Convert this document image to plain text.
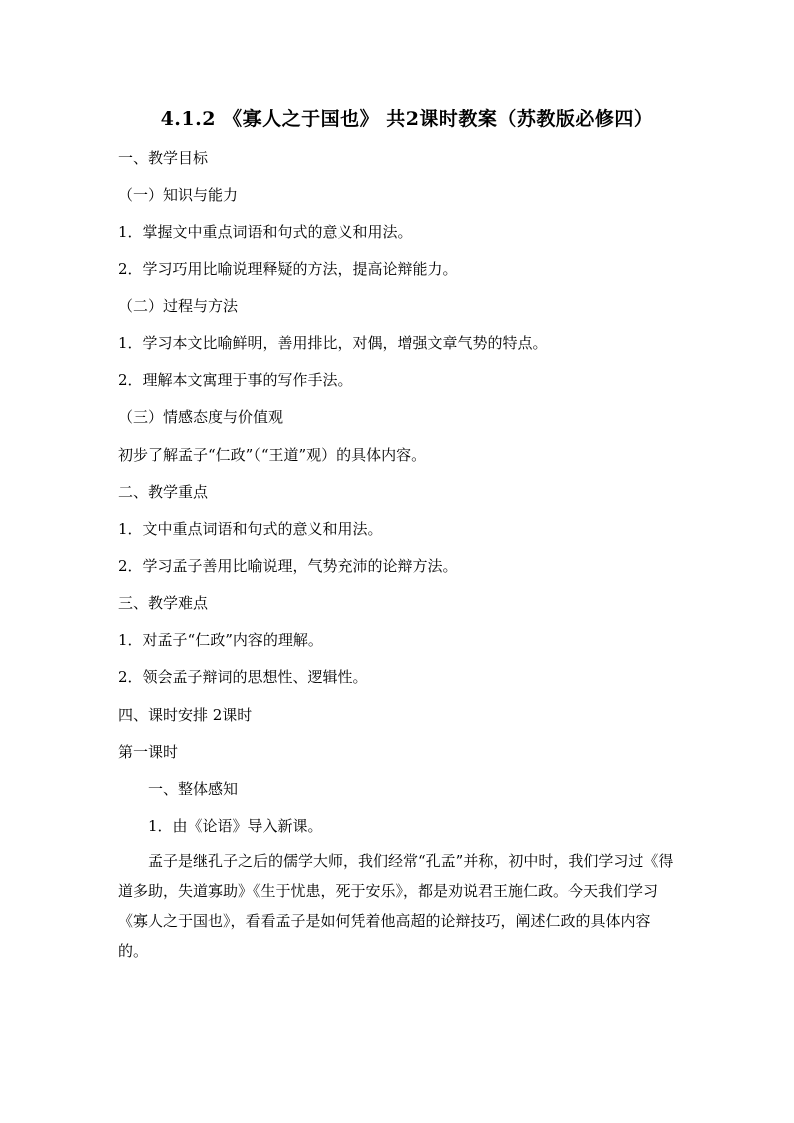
4.1.2 《寡人之于国也》 共2课时教案（苏教版必修四）
一、教学目标
（一）知识与能力
1．掌握文中重点词语和句式的意义和用法。
2．学习巧用比喻说理释疑的方法，提高论辩能力。
（二）过程与方法
1．学习本文比喻鲜明，善用排比，对偶，增强文章气势的特点。
2．理解本文寓理于事的写作手法。
（三）情感态度与价值观
初步了解孟子“仁政”（“王道”观）的具体内容。
二、教学重点
1．文中重点词语和句式的意义和用法。
2．学习孟子善用比喻说理，气势充沛的论辩方法。
三、教学难点
1．对孟子“仁政”内容的理解。
2．领会孟子辩词的思想性、逻辑性。
四、课时安排 2课时
第一课时
一、整体感知
1．由《论语》导入新课。

孟子是继孔子之后的儒学大师，我们经常“孔孟”并称，初中时，我们学习过《得道多助，失道寡助》《生于忧患，死于安乐》，都是劝说君王施仁政。今天我们学习《寡人之于国也》，看看孟子是如何凭着他高超的论辩技巧，阐述仁政的具体内容的。
